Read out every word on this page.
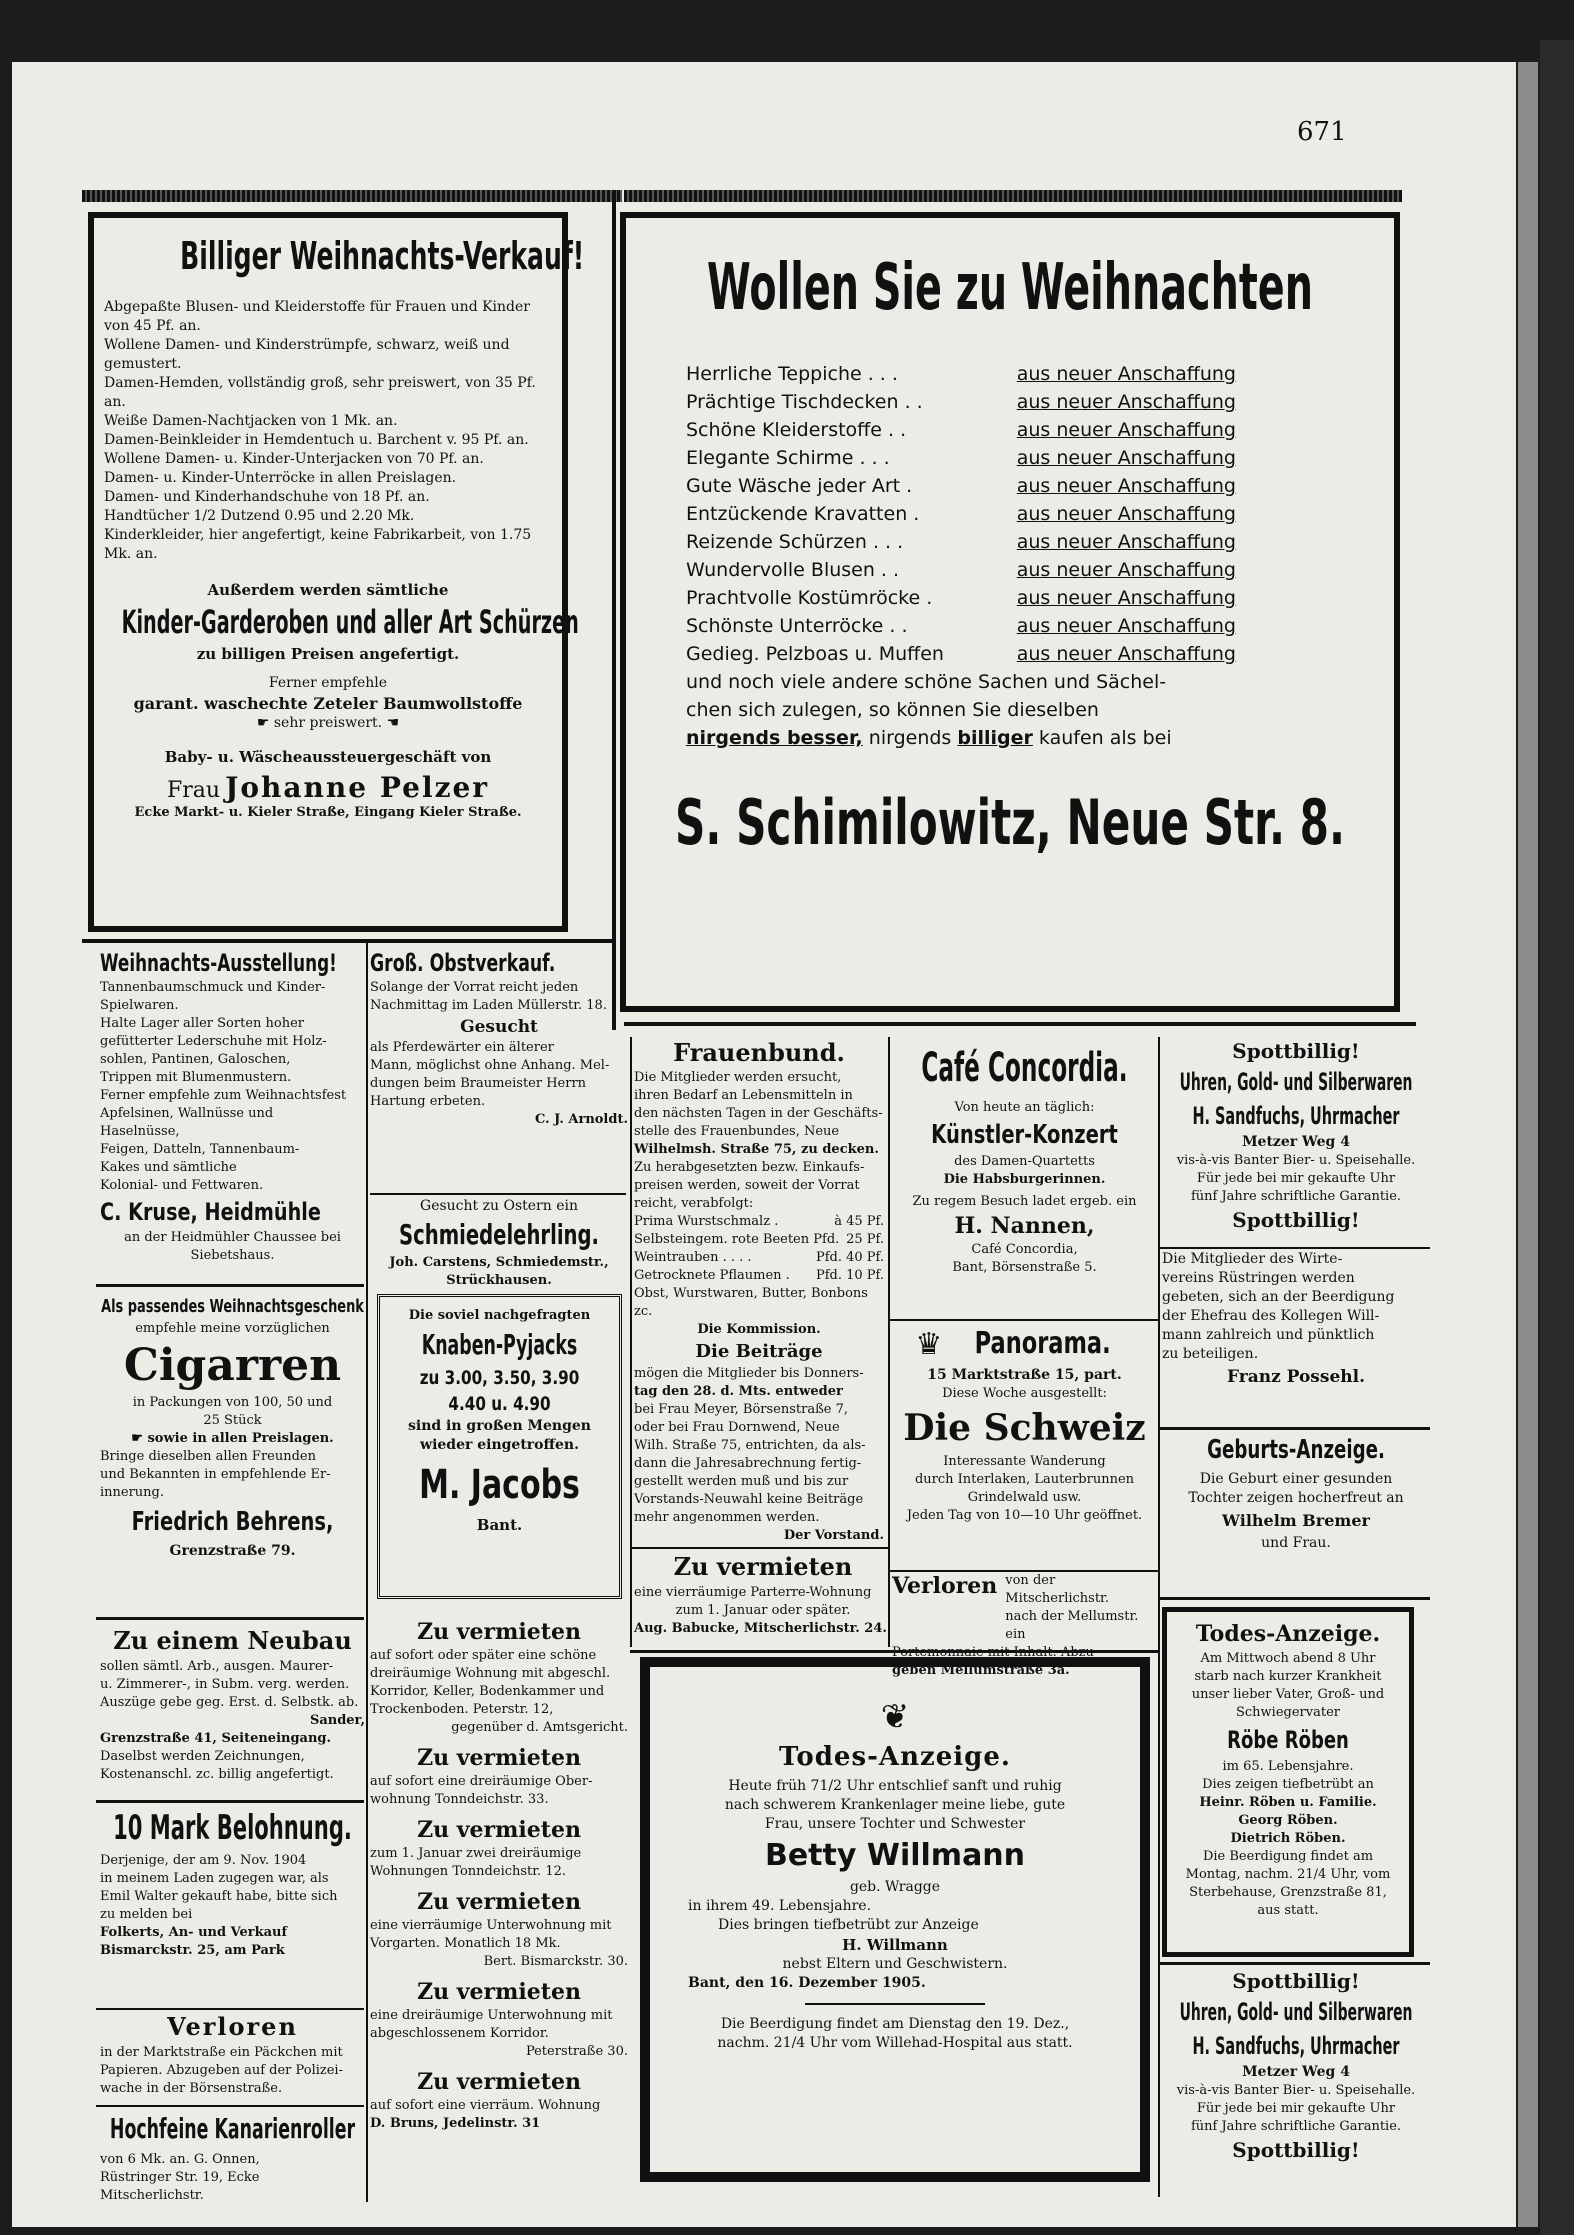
671
Billiger Weihnachts-Verkauf!
Abgepaßte Blusen- und Kleiderstoffe für Frauen und Kinder von 45 Pf. an.
Wollene Damen- und Kinderstrümpfe, schwarz, weiß und gemustert.
Damen-Hemden, vollständig groß, sehr preiswert, von 35 Pf. an.
Weiße Damen-Nachtjacken von 1 Mk. an.
Damen-Beinkleider in Hemdentuch u. Barchent v. 95 Pf. an.
Wollene Damen- u. Kinder-Unterjacken von 70 Pf. an.
Damen- u. Kinder-Unterröcke in allen Preislagen.
Damen- und Kinderhandschuhe von 18 Pf. an.
Handtücher 1/2 Dutzend 0.95 und 2.20 Mk.
Kinderkleider, hier angefertigt, keine Fabrikarbeit, von 1.75 Mk. an.
Außerdem werden sämtliche
Kinder-Garderoben und aller Art Schürzen
zu billigen Preisen angefertigt.
Ferner empfehle
garant. waschechte Zeteler Baumwollstoffe
☛ sehr preiswert. ☚
Baby- u. Wäscheaussteuergeschäft von
Frau Johanne Pelzer
Ecke Markt- u. Kieler Straße, Eingang Kieler Straße.
Wollen Sie zu Weihnachten
Herrliche Teppiche . . .	aus neuer Anschaffung
Prächtige Tischdecken . .	aus neuer Anschaffung
Schöne Kleiderstoffe . .	aus neuer Anschaffung
Elegante Schirme . . .	aus neuer Anschaffung
Gute Wäsche jeder Art .	aus neuer Anschaffung
Entzückende Kravatten .	aus neuer Anschaffung
Reizende Schürzen . . .	aus neuer Anschaffung
Wundervolle Blusen . .	aus neuer Anschaffung
Prachtvolle Kostümröcke .	aus neuer Anschaffung
Schönste Unterröcke . .	aus neuer Anschaffung
Gedieg. Pelzboas u. Muffen	aus neuer Anschaffung
und noch viele andere schöne Sachen und Sächel-
chen sich zulegen, so können Sie dieselben
nirgends besser, nirgends billiger kaufen als bei
S. Schimilowitz, Neue Str. 8.
Weihnachts-Ausstellung!
Tannenbaumschmuck und Kinder-
Spielwaren.
Halte Lager aller Sorten hoher
gefütterter Lederschuhe mit Holz-
sohlen, Pantinen, Galoschen,
Trippen mit Blumenmustern.
Ferner empfehle zum Weihnachtsfest
Apfelsinen, Wallnüsse und
Haselnüsse,
Feigen, Datteln, Tannenbaum-
Kakes und sämtliche
Kolonial- und Fettwaren.
C. Kruse, Heidmühle
an der Heidmühler Chaussee bei Siebetshaus.
Groß. Obstverkauf.
Solange der Vorrat reicht jeden
Nachmittag im Laden Müllerstr. 18.
Gesucht
als Pferdewärter ein älterer
Mann, möglichst ohne Anhang. Mel-
dungen beim Braumeister Herrn
Hartung erbeten.
C. J. Arnoldt.
Gesucht zu Ostern ein
Schmiedelehrling.
Joh. Carstens, Schmiedemstr., Strückhausen.
Als passendes Weihnachtsgeschenk
empfehle meine vorzüglichen
Cigarren
in Packungen von 100, 50 und
25 Stück
☛ sowie in allen Preislagen.
Bringe dieselben allen Freunden
und Bekannten in empfehlende Er-
innerung.
Friedrich Behrens,
Grenzstraße 79.
Die soviel nachgefragten
Knaben-Pyjacks
zu 3.00, 3.50, 3.90
4.40 u. 4.90
sind in großen Mengen
wieder eingetroffen.
M. Jacobs
Bant.
Zu einem Neubau
sollen sämtl. Arb., ausgen. Maurer-
u. Zimmerer-, in Subm. verg. werden.
Auszüge gebe geg. Erst. d. Selbstk. ab.
Sander,
Grenzstraße 41, Seiteneingang.
Daselbst werden Zeichnungen,
Kostenanschl. zc. billig angefertigt.
10 Mark Belohnung.
Derjenige, der am 9. Nov. 1904
in meinem Laden zugegen war, als
Emil Walter gekauft habe, bitte sich
zu melden bei
Folkerts, An- und Verkauf
Bismarckstr. 25, am Park
Verloren
in der Marktstraße ein Päckchen mit
Papieren. Abzugeben auf der Polizei-
wache in der Börsenstraße.
Hochfeine Kanarienroller
von 6 Mk. an. G. Onnen,
Rüstringer Str. 19, Ecke Mitscherlichstr.
Zu vermieten
auf sofort oder später eine schöne
dreiräumige Wohnung mit abgeschl.
Korridor, Keller, Bodenkammer und
Trockenboden. Peterstr. 12,
gegenüber d. Amtsgericht.
Zu vermieten
auf sofort eine dreiräumige Ober-
wohnung Tonndeichstr. 33.
Zu vermieten
zum 1. Januar zwei dreiräumige
Wohnungen Tonndeichstr. 12.
Zu vermieten
eine vierräumige Unterwohnung mit
Vorgarten. Monatlich 18 Mk.
Bert. Bismarckstr. 30.
Zu vermieten
eine dreiräumige Unterwohnung mit
abgeschlossenem Korridor.
Peterstraße 30.
Zu vermieten
auf sofort eine vierräum. Wohnung
D. Bruns, Jedelinstr. 31
Frauenbund.
Die Mitglieder werden ersucht,
ihren Bedarf an Lebensmitteln in
den nächsten Tagen in der Geschäfts-
stelle des Frauenbundes, Neue
Wilhelmsh. Straße 75, zu decken.
Zu herabgesetzten bezw. Einkaufs-
preisen werden, soweit der Vorrat
reicht, verabfolgt:
Prima Wurstschmalz .	à 45 Pf.
Selbsteingem. rote Beeten Pfd. 25 Pf.
Weintrauben . . . .	Pfd. 40 Pf.
Getrocknete Pflaumen . Pfd. 10 Pf.
Obst, Wurstwaren, Butter, Bonbons zc.
Die Kommission.
Die Beiträge
mögen die Mitglieder bis Donners-
tag den 28. d. Mts. entweder
bei Frau Meyer, Börsenstraße 7,
oder bei Frau Dornwend, Neue
Wilh. Straße 75, entrichten, da als-
dann die Jahresabrechnung fertig-
gestellt werden muß und bis zur
Vorstands-Neuwahl keine Beiträge
mehr angenommen werden.
Der Vorstand.
Zu vermieten
eine vierräumige Parterre-Wohnung
zum 1. Januar oder später.
Aug. Babucke, Mitscherlichstr. 24.
Café Concordia.
Von heute an täglich:
Künstler-Konzert
des Damen-Quartetts
Die Habsburgerinnen.
Zu regem Besuch ladet ergeb. ein
H. Nannen,
Café Concordia,
Bant, Börsenstraße 5.
♛ Panorama.
15 Marktstraße 15, part.
Diese Woche ausgestellt:
Die Schweiz
Interessante Wanderung
durch Interlaken, Lauterbrunnen
Grindelwald usw.
Jeden Tag von 10—10 Uhr geöffnet.
Verloren von der Mitscherlichstr.
nach der Mellumstr. ein
geben Mellumstraße 3a.
❦
Todes-Anzeige.
Heute früh 71/2 Uhr entschlief sanft und ruhig
nach schwerem Krankenlager meine liebe, gute
Frau, unsere Tochter und Schwester
Betty Willmann
geb. Wragge
in ihrem 49. Lebensjahre.
Dies bringen tiefbetrübt zur Anzeige
H. Willmann
nebst Eltern und Geschwistern.
Bant, den 16. Dezember 1905.
Die Beerdigung findet am Dienstag den 19. Dez.,
nachm. 21/4 Uhr vom Willehad-Hospital aus statt.
Spottbillig!
Uhren, Gold- und Silberwaren
H. Sandfuchs, Uhrmacher
Metzer Weg 4
vis-à-vis Banter Bier- u. Speisehalle.
Für jede bei mir gekaufte Uhr
fünf Jahre schriftliche Garantie.
Spottbillig!
Die Mitglieder des Wirte-
vereins Rüstringen werden
gebeten, sich an der Beerdigung
der Ehefrau des Kollegen Will-
mann zahlreich und pünktlich
zu beteiligen.
Franz Possehl.
Geburts-Anzeige.
Die Geburt einer gesunden
Tochter zeigen hocherfreut an
Wilhelm Bremer
und Frau.
Todes-Anzeige.
Am Mittwoch abend 8 Uhr
starb nach kurzer Krankheit
unser lieber Vater, Groß- und
Schwiegervater
Röbe Röben
im 65. Lebensjahre.
Dies zeigen tiefbetrübt an
Heinr. Röben u. Familie.
Georg Röben.
Dietrich Röben.
Die Beerdigung findet am
Montag, nachm. 21/4 Uhr, vom
Sterbehause, Grenzstraße 81,
aus statt.
Spottbillig!
Uhren, Gold- und Silberwaren
H. Sandfuchs, Uhrmacher
Metzer Weg 4
vis-à-vis Banter Bier- u. Speisehalle.
Für jede bei mir gekaufte Uhr
fünf Jahre schriftliche Garantie.
Spottbillig!
